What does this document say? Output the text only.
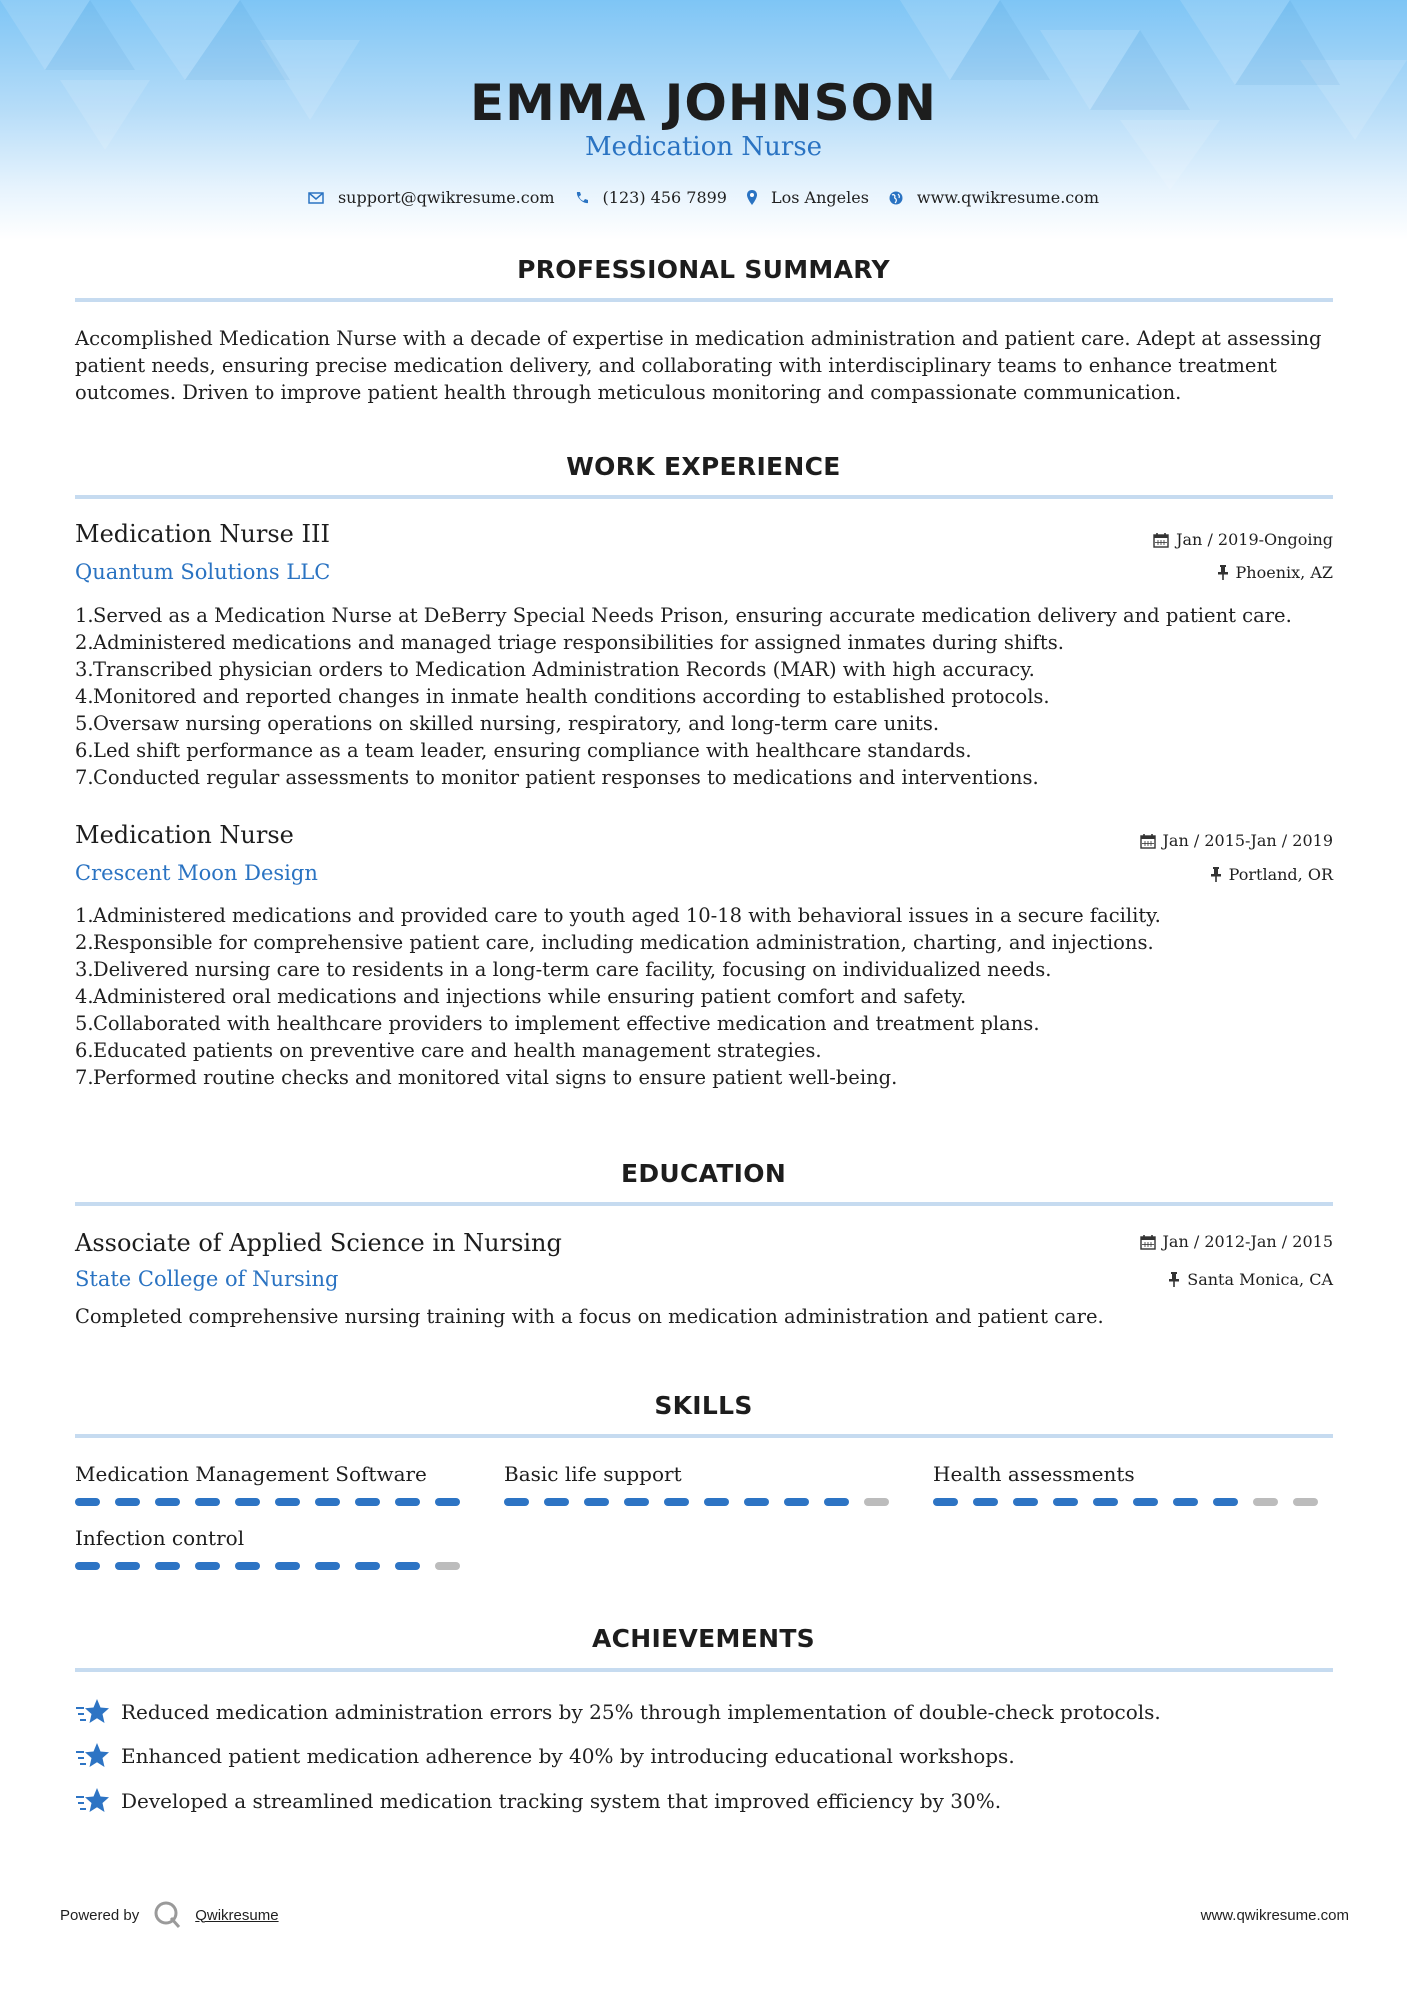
EMMA JOHNSON
Medication Nurse
support@qwikresume.com	(123) 456 7899	Los Angeles	www.qwikresume.com
PROFESSIONAL SUMMARY

Accomplished Medication Nurse with a decade of expertise in medication administration and patient care. Adept at assessing patient needs, ensuring precise medication delivery, and collaborating with interdisciplinary teams to enhance treatment outcomes. Driven to improve patient health through meticulous monitoring and compassionate communication.

WORK EXPERIENCE
Medication Nurse III	Jan / 2019-Ongoing
Quantum Solutions LLC	Phoenix, AZ
1. Served as a Medication Nurse at DeBerry Special Needs Prison, ensuring accurate medication delivery and patient care.
2. Administered medications and managed triage responsibilities for assigned inmates during shifts.
3. Transcribed physician orders to Medication Administration Records (MAR) with high accuracy.
4. Monitored and reported changes in inmate health conditions according to established protocols.
5. Oversaw nursing operations on skilled nursing, respiratory, and long-term care units.
6. Led shift performance as a team leader, ensuring compliance with healthcare standards.
7. Conducted regular assessments to monitor patient responses to medications and interventions.
Medication Nurse	Jan / 2015-Jan / 2019
Crescent Moon Design	Portland, OR
1. Administered medications and provided care to youth aged 10-18 with behavioral issues in a secure facility.
2. Responsible for comprehensive patient care, including medication administration, charting, and injections.
3. Delivered nursing care to residents in a long-term care facility, focusing on individualized needs.
4. Administered oral medications and injections while ensuring patient comfort and safety.
5. Collaborated with healthcare providers to implement effective medication and treatment plans.
6. Educated patients on preventive care and health management strategies.
7. Performed routine checks and monitored vital signs to ensure patient well-being.
EDUCATION
Associate of Applied Science in Nursing	Jan / 2012-Jan / 2015
State College of Nursing	Santa Monica, CA

Completed comprehensive nursing training with a focus on medication administration and patient care.

SKILLS
Medication Management Software	Basic life support	Health assessments
Infection control
ACHIEVEMENTS
Reduced medication administration errors by 25% through implementation of double-check protocols.
Enhanced patient medication adherence by 40% by introducing educational workshops.
Developed a streamlined medication tracking system that improved efficiency by 30%.
Powered by	Qwikresume	www.qwikresume.com
